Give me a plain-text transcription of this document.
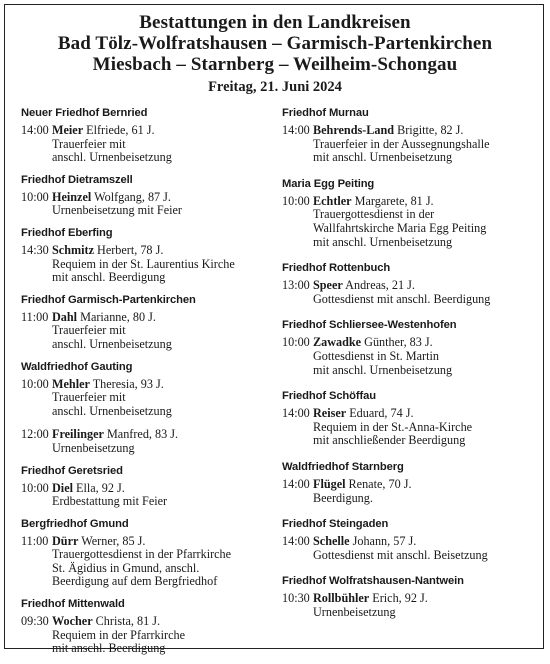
Bestattungen in den Landkreisen
Bad Tölz-Wolfratshausen – Garmisch-Partenkirchen
Miesbach – Starnberg – Weilheim-Schongau
Freitag, 21. Juni 2024
Neuer Friedhof Bernried
14:00 Meier Elfriede, 61 J.
Trauerfeier mit
anschl. Urnenbeisetzung
Friedhof Dietramszell
10:00 Heinzel Wolfgang, 87 J.
Urnenbeisetzung mit Feier
Friedhof Eberfing
14:30 Schmitz Herbert, 78 J.
Requiem in der St. Laurentius Kirche
mit anschl. Beerdigung
Friedhof Garmisch-Partenkirchen
11:00 Dahl Marianne, 80 J.
Trauerfeier mit
anschl. Urnenbeisetzung
Waldfriedhof Gauting
10:00 Mehler Theresia, 93 J.
Trauerfeier mit
anschl. Urnenbeisetzung
12:00 Freilinger Manfred, 83 J.
Urnenbeisetzung
Friedhof Geretsried
10:00 Diel Ella, 92 J.
Erdbestattung mit Feier
Bergfriedhof Gmund
11:00 Dürr Werner, 85 J.
Trauergottesdienst in der Pfarrkirche
St. Ägidius in Gmund, anschl.
Beerdigung auf dem Bergfriedhof
Friedhof Mittenwald
09:30 Wocher Christa, 81 J.
Requiem in der Pfarrkirche
mit anschl. Beerdigung
Friedhof Murnau
14:00 Behrends-Land Brigitte, 82 J.
Trauerfeier in der Aussegnungshalle
mit anschl. Urnenbeisetzung
Maria Egg Peiting
10:00 Echtler Margarete, 81 J.
Trauergottesdienst in der
Wallfahrtskirche Maria Egg Peiting
mit anschl. Urnenbeisetzung
Friedhof Rottenbuch
13:00 Speer Andreas, 21 J.
Gottesdienst mit anschl. Beerdigung
Friedhof Schliersee-Westenhofen
10:00 Zawadke Günther, 83 J.
Gottesdienst in St. Martin
mit anschl. Urnenbeisetzung
Friedhof Schöffau
14:00 Reiser Eduard, 74 J.
Requiem in der St.-Anna-Kirche
mit anschließender Beerdigung
Waldfriedhof Starnberg
14:00 Flügel Renate, 70 J.
Beerdigung.
Friedhof Steingaden
14:00 Schelle Johann, 57 J.
Gottesdienst mit anschl. Beisetzung
Friedhof Wolfratshausen-Nantwein
10:30 Rollbühler Erich, 92 J.
Urnenbeisetzung
